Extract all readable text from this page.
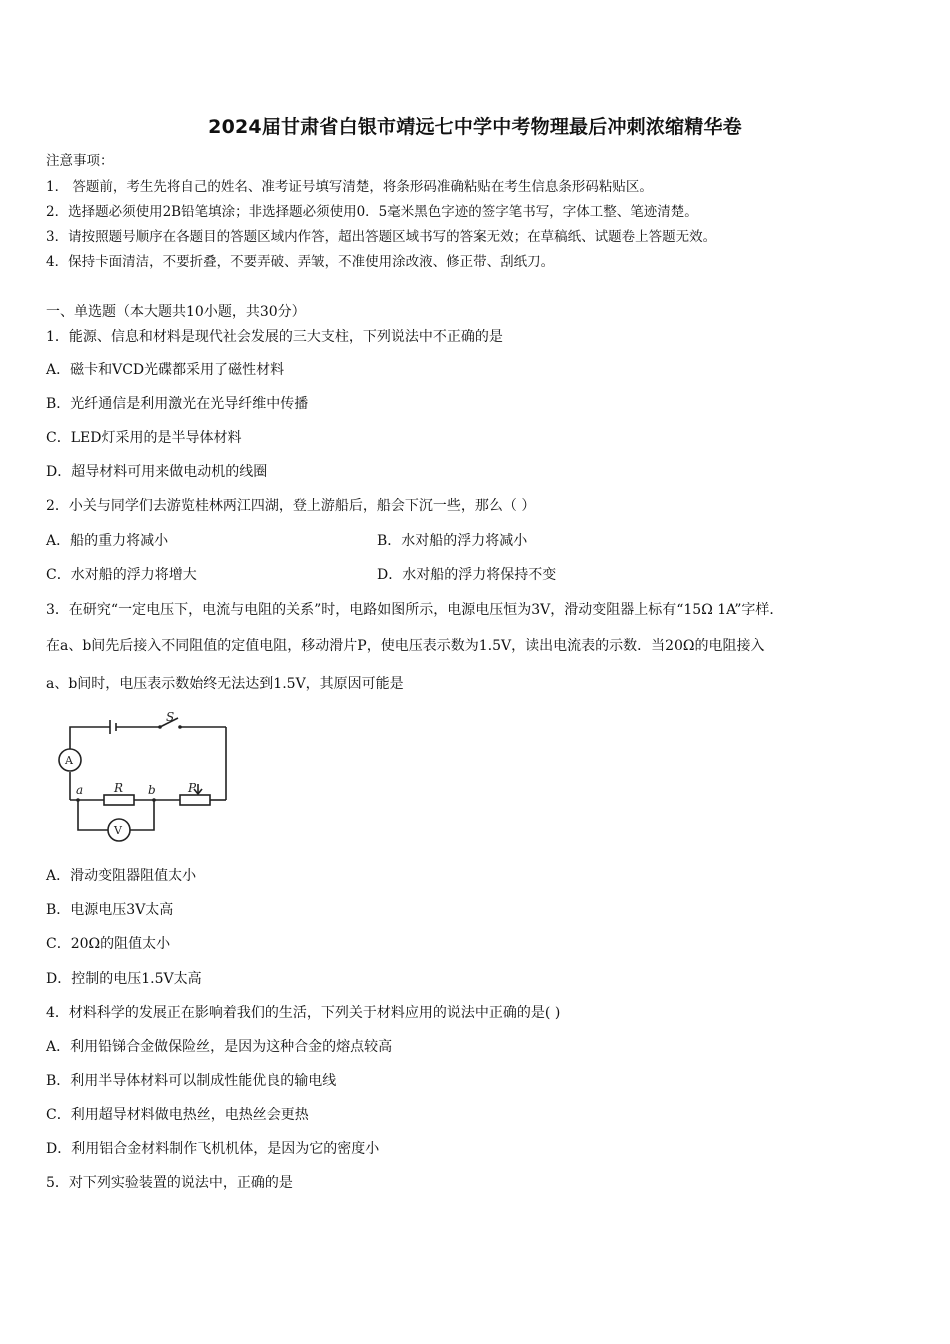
2024届甘肃省白银市靖远七中学中考物理最后冲刺浓缩精华卷
注意事项：
1． 答题前，考生先将自己的姓名、准考证号填写清楚，将条形码准确粘贴在考生信息条形码粘贴区。
2．选择题必须使用2B铅笔填涂；非选择题必须使用0．5毫米黑色字迹的签字笔书写，字体工整、笔迹清楚。
3．请按照题号顺序在各题目的答题区域内作答，超出答题区域书写的答案无效；在草稿纸、试题卷上答题无效。
4．保持卡面清洁，不要折叠，不要弄破、弄皱，不准使用涂改液、修正带、刮纸刀。
一、单选题（本大题共10小题，共30分）
1．能源、信息和材料是现代社会发展的三大支柱，下列说法中不正确的是
A．磁卡和VCD光碟都采用了磁性材料
B．光纤通信是利用激光在光导纤维中传播
C．LED灯采用的是半导体材料
D．超导材料可用来做电动机的线圈
2．小关与同学们去游览桂林两江四湖，登上游船后，船会下沉一些，那么（ ）
A．船的重力将减小	B．水对船的浮力将减小
C．水对船的浮力将增大	D．水对船的浮力将保持不变
3．在研究“一定电压下，电流与电阻的关系”时，电路如图所示，电源电压恒为3V，滑动变阻器上标有“15Ω 1A”字样．
在a、b间先后接入不同阻值的定值电阻，移动滑片P，使电压表示数为1.5V，读出电流表的示数．当20Ω的电阻接入
a、b间时，电压表示数始终无法达到1.5V，其原因可能是
A
V
S
a	b
R	P
A．滑动变阻器阻值太小
B．电源电压3V太高
C．20Ω的阻值太小
D．控制的电压1.5V太高
4．材料科学的发展正在影响着我们的生活，下列关于材料应用的说法中正确的是( )
A．利用铅锑合金做保险丝，是因为这种合金的熔点较高
B．利用半导体材料可以制成性能优良的输电线
C．利用超导材料做电热丝，电热丝会更热
D．利用铝合金材料制作飞机机体，是因为它的密度小
5．对下列实验装置的说法中，正确的是
